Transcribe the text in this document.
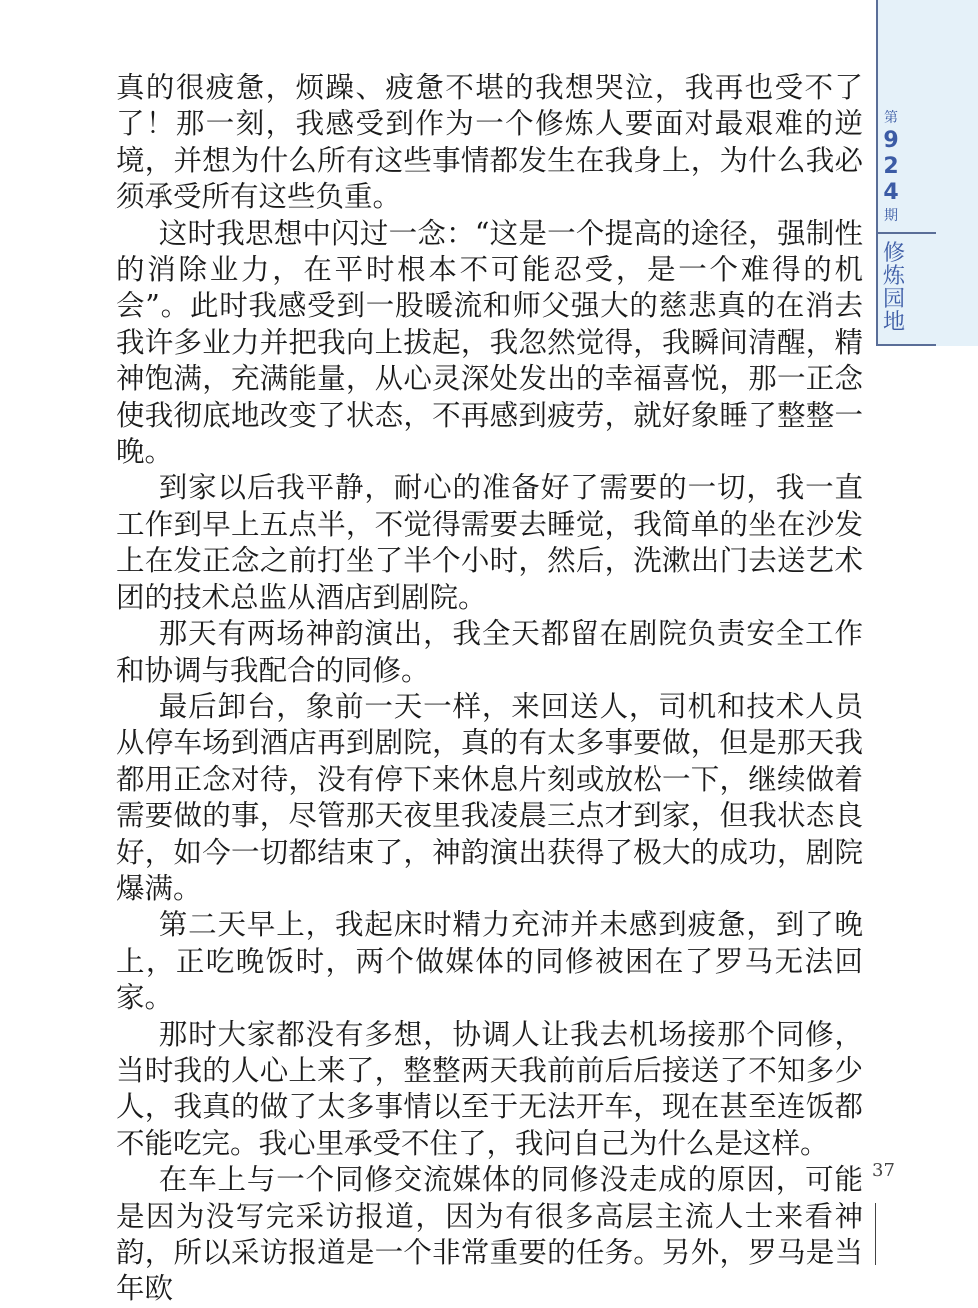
第
9
2
4
期
修
炼
园
地

真的很疲惫，烦躁、疲惫不堪的我想哭泣，我再也受不了了！那一刻，我感受到作为一个修炼人要面对最艰难的逆境，并想为什么所有这些事情都发生在我身上，为什么我必须承受所有这些负重。

这时我思想中闪过一念：“这是一个提高的途径，强制性的消除业力，在平时根本不可能忍受，是一个难得的机会”。此时我感受到一股暖流和师父强大的慈悲真的在消去我许多业力并把我向上拔起，我忽然觉得，我瞬间清醒，精神饱满，充满能量，从心灵深处发出的幸福喜悦，那一正念使我彻底地改变了状态，不再感到疲劳，就好象睡了整整一晚。

到家以后我平静，耐心的准备好了需要的一切，我一直工作到早上五点半，不觉得需要去睡觉，我简单的坐在沙发上在发正念之前打坐了半个小时，然后，洗漱出门去送艺术团的技术总监从酒店到剧院。

那天有两场神韵演出，我全天都留在剧院负责安全工作和协调与我配合的同修。

最后卸台，象前一天一样，来回送人，司机和技术人员从停车场到酒店再到剧院，真的有太多事要做，但是那天我都用正念对待，没有停下来休息片刻或放松一下，继续做着需要做的事，尽管那天夜里我凌晨三点才到家，但我状态良好，如今一切都结束了，神韵演出获得了极大的成功，剧院爆满。

第二天早上，我起床时精力充沛并未感到疲惫，到了晚上，正吃晚饭时，两个做媒体的同修被困在了罗马无法回家。

那时大家都没有多想，协调人让我去机场接那个同修，当时我的人心上来了，整整两天我前前后后接送了不知多少人，我真的做了太多事情以至于无法开车，现在甚至连饭都不能吃完。我心里承受不住了，我问自己为什么是这样。

在车上与一个同修交流媒体的同修没走成的原因，可能是因为没写完采访报道，因为有很多高层主流人士来看神韵，所以采访报道是一个非常重要的任务。另外，罗马是当年欧

37
